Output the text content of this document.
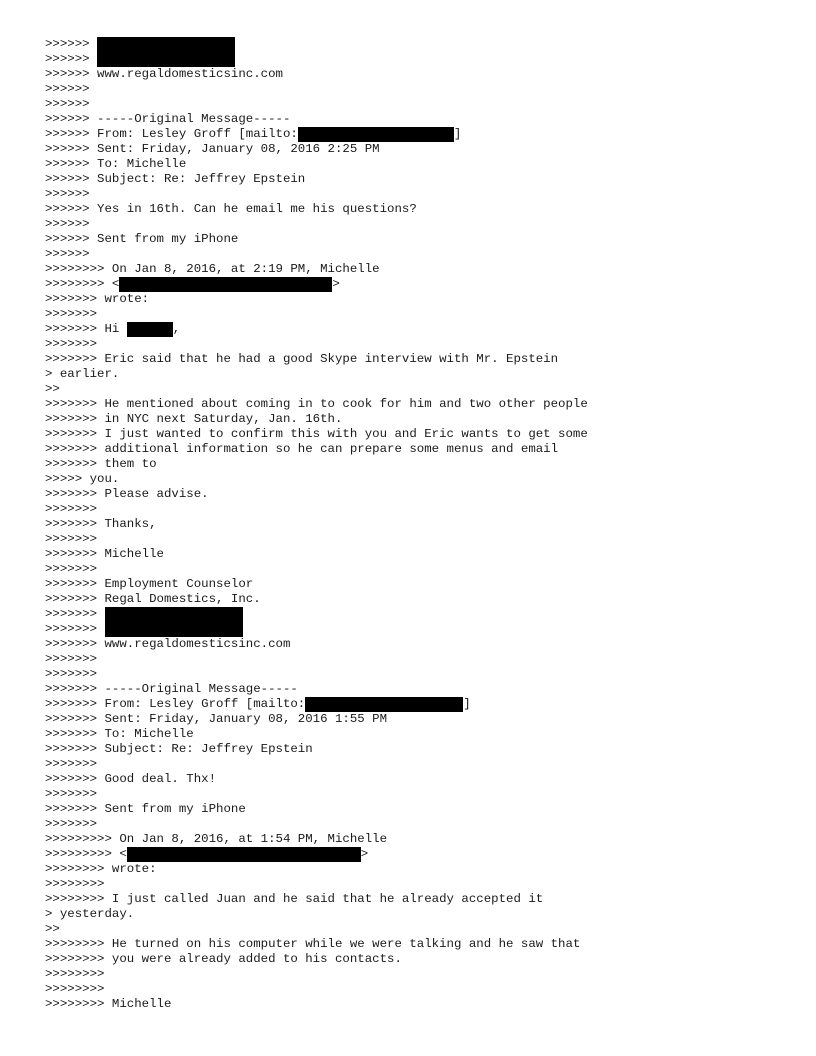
>>>>>>
>>>>>>
>>>>>> www.regaldomesticsinc.com
>>>>>>
>>>>>>
>>>>>> -----Original Message-----
>>>>>> From: Lesley Groff [mailto:	]
>>>>>> Sent: Friday, January 08, 2016 2:25 PM
>>>>>> To: Michelle
>>>>>> Subject: Re: Jeffrey Epstein
>>>>>>
>>>>>> Yes in 16th. Can he email me his questions?
>>>>>>
>>>>>> Sent from my iPhone
>>>>>>
>>>>>>>> On Jan 8, 2016, at 2:19 PM, Michelle
>>>>>>>> <	>
>>>>>>> wrote:
>>>>>>>
>>>>>>> Hi	,
>>>>>>>
>>>>>>> Eric said that he had a good Skype interview with Mr. Epstein
> earlier.
>>
>>>>>>> He mentioned about coming in to cook for him and two other people
>>>>>>> in NYC next Saturday, Jan. 16th.
>>>>>>> I just wanted to confirm this with you and Eric wants to get some
>>>>>>> additional information so he can prepare some menus and email
>>>>>>> them to
>>>>> you.
>>>>>>> Please advise.
>>>>>>>
>>>>>>> Thanks,
>>>>>>>
>>>>>>> Michelle
>>>>>>>
>>>>>>> Employment Counselor
>>>>>>> Regal Domestics, Inc.
>>>>>>>
>>>>>>>
>>>>>>> www.regaldomesticsinc.com
>>>>>>>
>>>>>>>
>>>>>>> -----Original Message-----
>>>>>>> From: Lesley Groff [mailto:	]
>>>>>>> Sent: Friday, January 08, 2016 1:55 PM
>>>>>>> To: Michelle
>>>>>>> Subject: Re: Jeffrey Epstein
>>>>>>>
>>>>>>> Good deal. Thx!
>>>>>>>
>>>>>>> Sent from my iPhone
>>>>>>>
>>>>>>>>> On Jan 8, 2016, at 1:54 PM, Michelle
>>>>>>>>> <	>
>>>>>>>> wrote:
>>>>>>>>
>>>>>>>> I just called Juan and he said that he already accepted it
> yesterday.
>>
>>>>>>>> He turned on his computer while we were talking and he saw that
>>>>>>>> you were already added to his contacts.
>>>>>>>>
>>>>>>>>
>>>>>>>> Michelle
